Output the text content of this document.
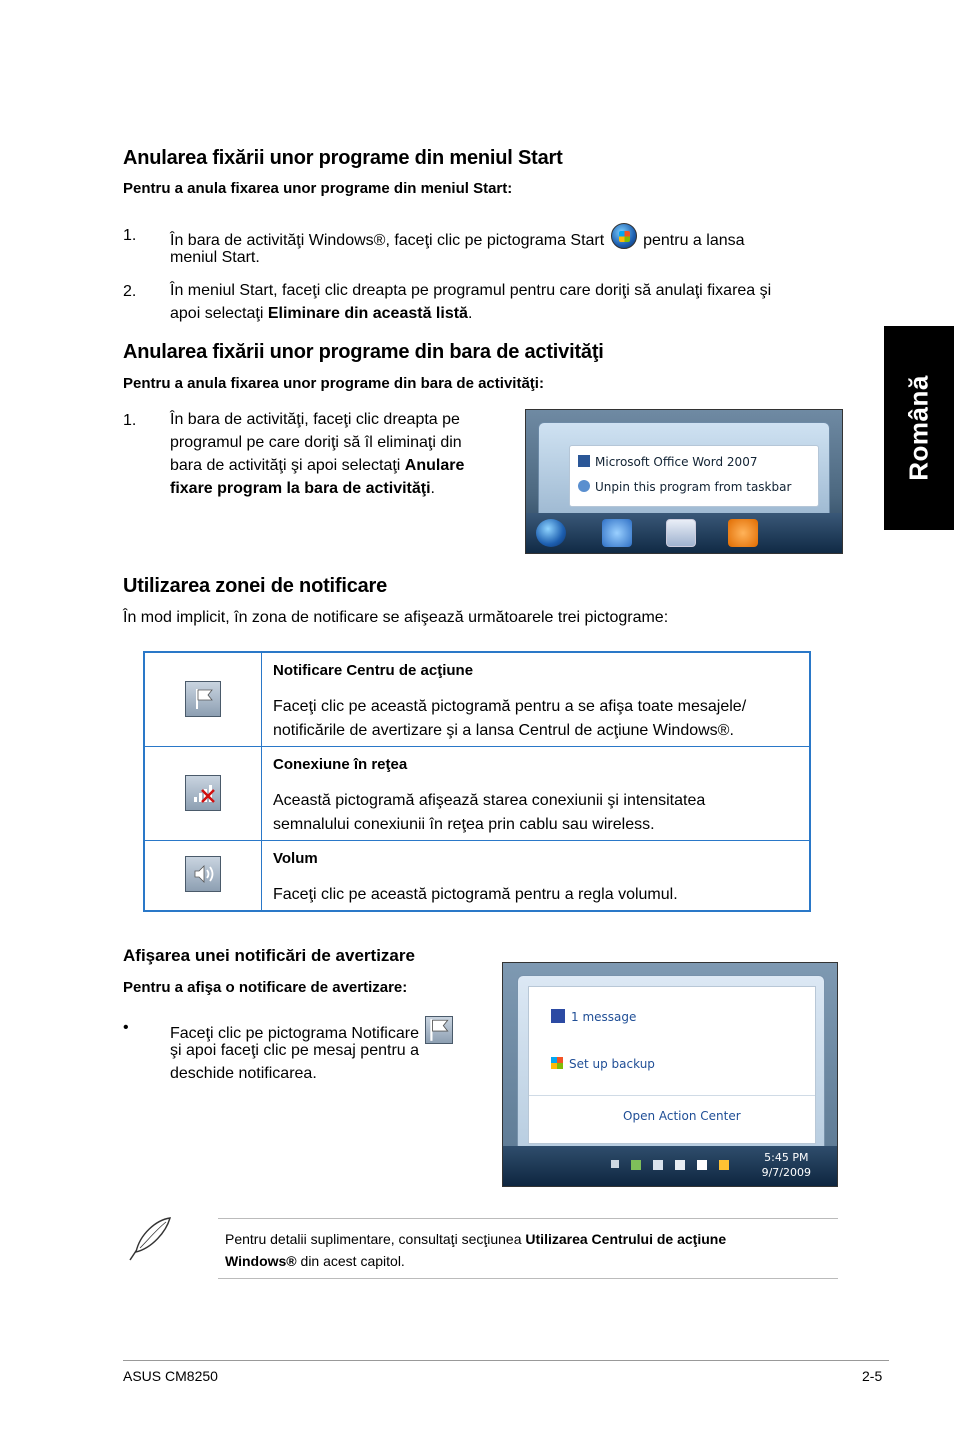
Română
Anularea fixării unor programe din meniul Start
Pentru a anula fixarea unor programe din meniul Start:
1. În bara de activităţi Windows®, faceţi clic pe pictograma Start pentru a lansa
meniul Start.
2. În meniul Start, faceţi clic dreapta pe programul pentru care doriţi să anulaţi fixarea şi
apoi selectaţi Eliminare din această listă.
Anularea fixării unor programe din bara de activităţi
Pentru a anula fixarea unor programe din bara de activităţi:
1. În bara de activităţi, faceţi clic dreapta pe
programul pe care doriţi să îl eliminaţi din
bara de activităţi şi apoi selectaţi Anulare
fixare program la bara de activităţi.
Microsoft Office Word 2007
Unpin this program from taskbar
Utilizarea zonei de notificare
În mod implicit, în zona de notificare se afişează următoarele trei pictograme:
Notificare Centru de acţiune
Faceţi clic pe această pictogramă pentru a se afişa toate mesajele/
notificările de avertizare şi a lansa Centrul de acţiune Windows®.
Conexiune în reţea
Această pictogramă afişează starea conexiunii şi intensitatea
semnalului conexiunii în reţea prin cablu sau wireless.
Volum
Faceţi clic pe această pictogramă pentru a regla volumul.
Afişarea unei notificări de avertizare
Pentru a afişa o notificare de avertizare:
•	Faceţi clic pe pictograma Notificare
şi apoi faceţi clic pe mesaj pentru a
deschide notificarea.
1 message
Set up backup
Open Action Center
5:45 PM
9/7/2009
Pentru detalii suplimentare, consultaţi secţiunea Utilizarea Centrului de acţiune
Windows® din acest capitol.
ASUS CM8250	2-5
